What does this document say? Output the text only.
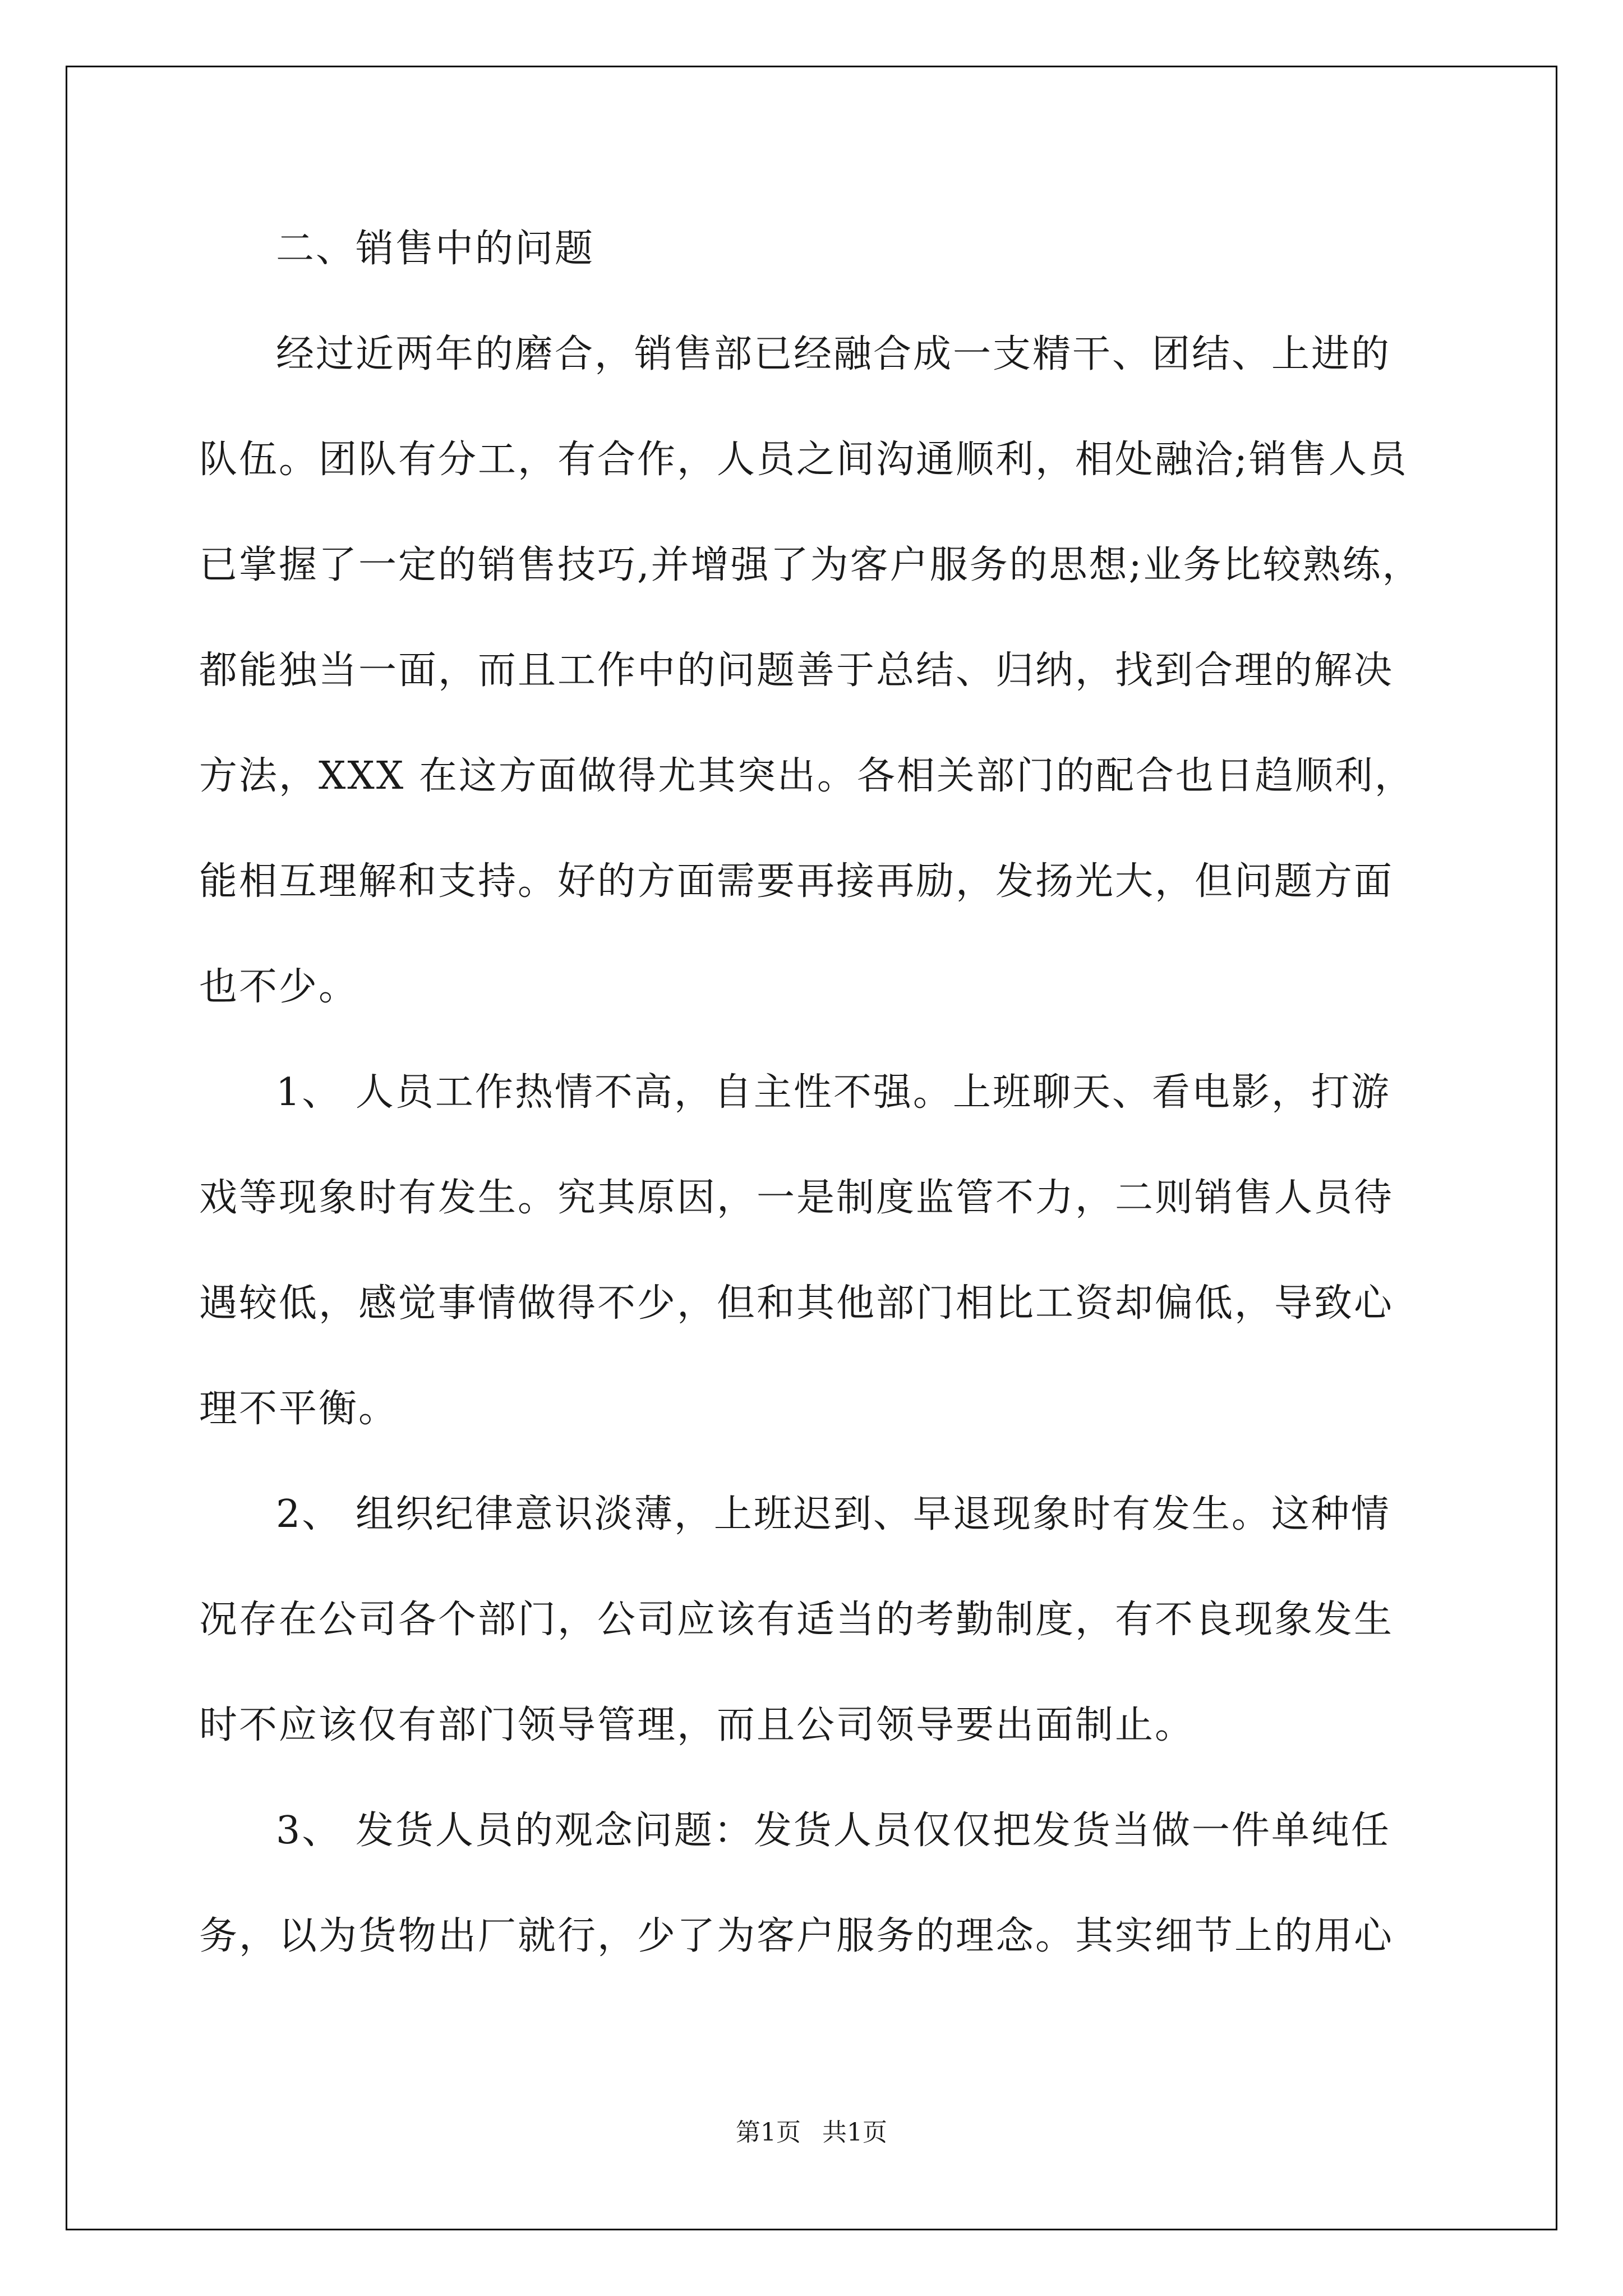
二、销售中的问题
经过近两年的磨合，销售部已经融合成一支精干、团结、上进的
队伍。团队有分工，有合作，人员之间沟通顺利，相处融洽;销售人员
已掌握了一定的销售技巧,并增强了为客户服务的思想;业务比较熟练，
都能独当一面，而且工作中的问题善于总结、归纳，找到合理的解决
方法，XXX 在这方面做得尤其突出。各相关部门的配合也日趋顺利，
能相互理解和支持。好的方面需要再接再励，发扬光大，但问题方面
也不少。
1、 人员工作热情不高，自主性不强。上班聊天、看电影，打游
戏等现象时有发生。究其原因，一是制度监管不力，二则销售人员待
遇较低，感觉事情做得不少，但和其他部门相比工资却偏低，导致心
理不平衡。
2、 组织纪律意识淡薄，上班迟到、早退现象时有发生。这种情
况存在公司各个部门，公司应该有适当的考勤制度，有不良现象发生
时不应该仅有部门领导管理，而且公司领导要出面制止。
3、 发货人员的观念问题：发货人员仅仅把发货当做一件单纯任
务，以为货物出厂就行，少了为客户服务的理念。其实细节上的用心
第1页 共1页
